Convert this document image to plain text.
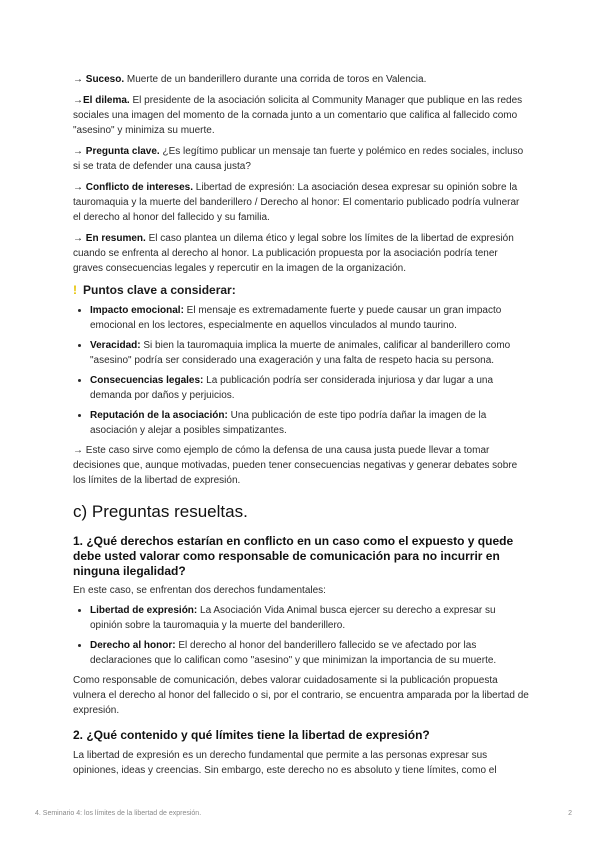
→ Suceso. Muerte de un banderillero durante una corrida de toros en Valencia.

→El dilema. El presidente de la asociación solicita al Community Manager que publique en las redes sociales una imagen del momento de la cornada junto a un comentario que califica al fallecido como "asesino" y minimiza su muerte.

→ Pregunta clave. ¿Es legítimo publicar un mensaje tan fuerte y polémico en redes sociales, incluso si se trata de defender una causa justa?

→ Conflicto de intereses. Libertad de expresión: La asociación desea expresar su opinión sobre la tauromaquia y la muerte del banderillero / Derecho al honor: El comentario publicado podría vulnerar el derecho al honor del fallecido y su familia.

→ En resumen. El caso plantea un dilema ético y legal sobre los límites de la libertad de expresión cuando se enfrenta al derecho al honor. La publicación propuesta por la asociación podría tener graves consecuencias legales y repercutir en la imagen de la organización.

! Puntos clave a considerar:
• Impacto emocional: El mensaje es extremadamente fuerte y puede causar un gran impacto emocional en los lectores, especialmente en aquellos vinculados al mundo taurino.
• Veracidad: Si bien la tauromaquia implica la muerte de animales, calificar al banderillero como "asesino" podría ser considerado una exageración y una falta de respeto hacia su persona.
• Consecuencias legales: La publicación podría ser considerada injuriosa y dar lugar a una demanda por daños y perjuicios.
• Reputación de la asociación: Una publicación de este tipo podría dañar la imagen de la asociación y alejar a posibles simpatizantes.

→ Este caso sirve como ejemplo de cómo la defensa de una causa justa puede llevar a tomar decisiones que, aunque motivadas, pueden tener consecuencias negativas y generar debates sobre los límites de la libertad de expresión.

c) Preguntas resueltas.
1. ¿Qué derechos estarían en conflicto en un caso como el expuesto y quede debe usted valorar como responsable de comunicación para no incurrir en ninguna ilegalidad?

En este caso, se enfrentan dos derechos fundamentales:

• Libertad de expresión: La Asociación Vida Animal busca ejercer su derecho a expresar su opinión sobre la tauromaquia y la muerte del banderillero.
• Derecho al honor: El derecho al honor del banderillero fallecido se ve afectado por las declaraciones que lo califican como "asesino" y que minimizan la importancia de su muerte.

Como responsable de comunicación, debes valorar cuidadosamente si la publicación propuesta vulnera el derecho al honor del fallecido o si, por el contrario, se encuentra amparada por la libertad de expresión.

2. ¿Qué contenido y qué límites tiene la libertad de expresión?

La libertad de expresión es un derecho fundamental que permite a las personas expresar sus opiniones, ideas y creencias. Sin embargo, este derecho no es absoluto y tiene límites, como el

4. Seminario 4: los límites de la libertad de expresión.	2
